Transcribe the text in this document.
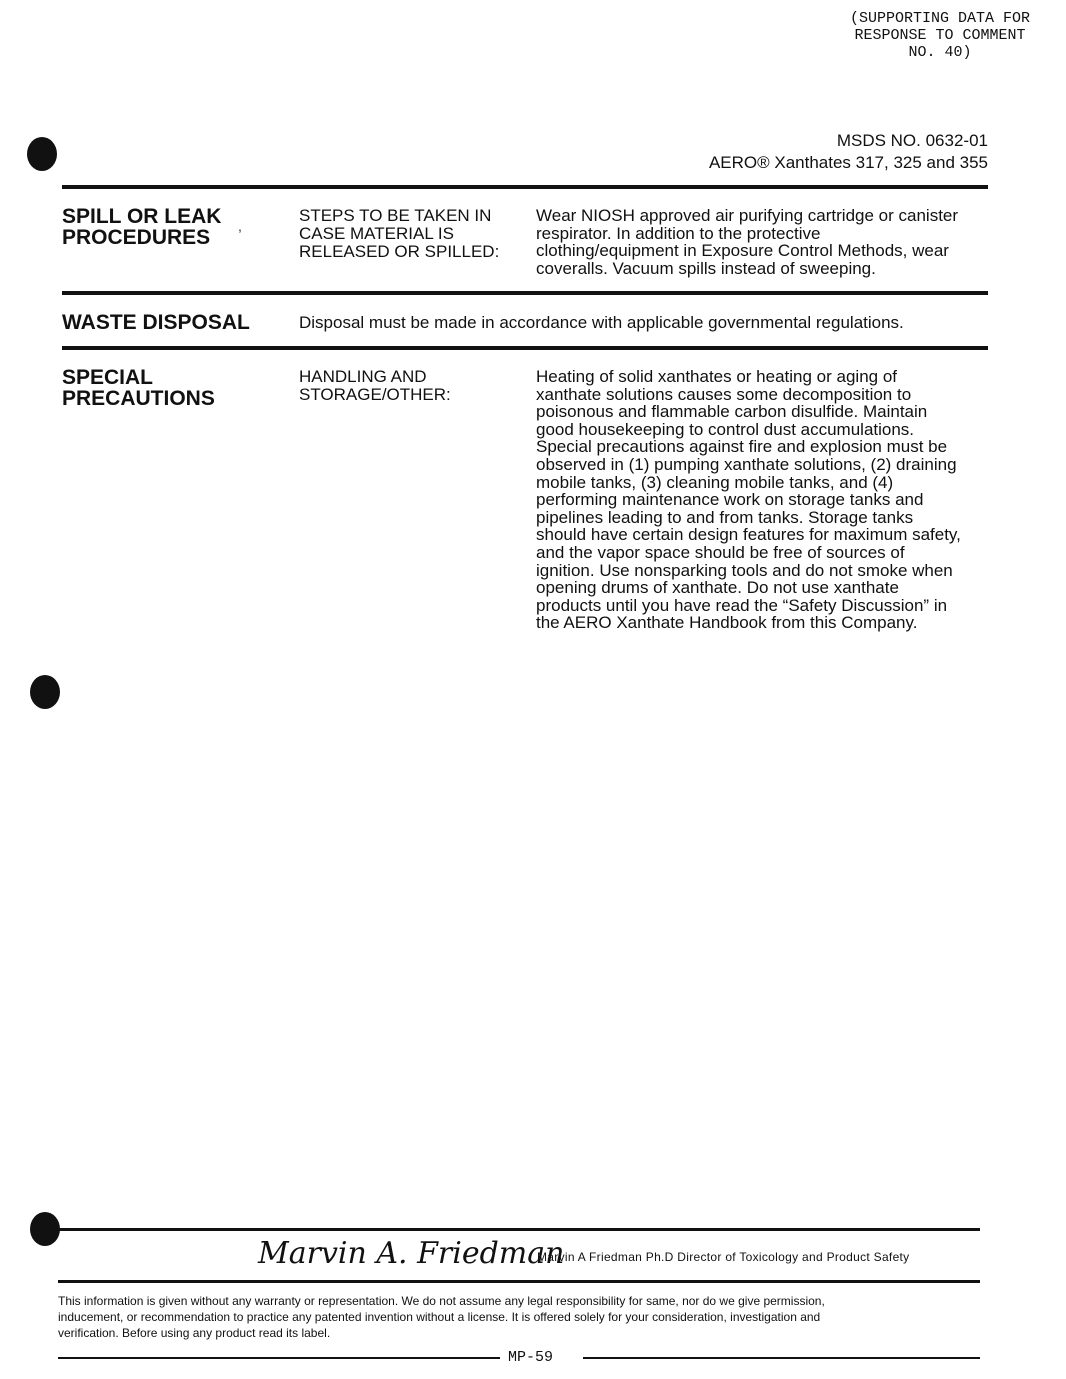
(SUPPORTING DATA FOR
RESPONSE TO COMMENT
NO. 40)
MSDS NO. 0632-01
AERO® Xanthates 317, 325 and 355
SPILL OR LEAK
PROCEDURES	,
STEPS TO BE TAKEN IN
CASE MATERIAL IS
RELEASED OR SPILLED:
Wear NIOSH approved air purifying cartridge or canister
respirator. In addition to the protective
clothing/equipment in Exposure Control Methods, wear
coveralls. Vacuum spills instead of sweeping.
WASTE DISPOSAL	Disposal must be made in accordance with applicable governmental regulations.
SPECIAL
PRECAUTIONS
HANDLING AND
STORAGE/OTHER:
Heating of solid xanthates or heating or aging of
xanthate solutions causes some decomposition to
poisonous and flammable carbon disulfide. Maintain
good housekeeping to control dust accumulations.
Special precautions against fire and explosion must be
observed in (1) pumping xanthate solutions, (2) draining
mobile tanks, (3) cleaning mobile tanks, and (4)
performing maintenance work on storage tanks and
pipelines leading to and from tanks. Storage tanks
should have certain design features for maximum safety,
and the vapor space should be free of sources of
ignition. Use nonsparking tools and do not smoke when
opening drums of xanthate. Do not use xanthate
products until you have read the “Safety Discussion” in
the AERO Xanthate Handbook from this Company.
Marvin A. Friedman
Marvin A Friedman Ph.D Director of Toxicology and Product Safety
This information is given without any warranty or representation. We do not assume any legal responsibility for same, nor do we give permission,
inducement, or recommendation to practice any patented invention without a license. It is offered solely for your consideration, investigation and
verification. Before using any product read its label.
MP-59
